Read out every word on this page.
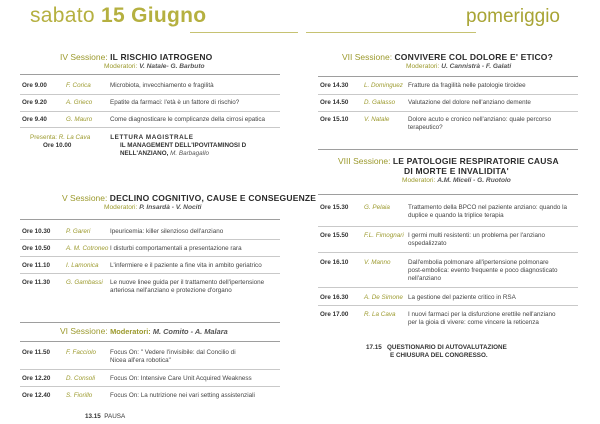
sabato 15 Giugno	pomeriggio
IV Sessione: IL RISCHIO IATROGENO
Moderatori: V. Natale- G. Barbuto
Ore 9.00	F. Corica	Microbiota, invecchiamento e fragilità
Ore 9.20	A. Grieco	Epatite da farmaci: l'età è un fattore di rischio?
Ore 9.40	G. Mauro	Come diagnosticare le complicanze della cirrosi epatica
Presenta: R. La Cava	LETTURA MAGISTRALE
Ore 10.00	IL MANAGEMENT DELL'IPOVITAMINOSI D
NELL'ANZIANO, M. Barbagallo
V Sessione: DECLINO COGNITIVO, CAUSE E CONSEGUENZE
Moderatori: P. Insardà - V. Nociti
Ore 10.30	P. Gareri	Ipeuricemia: killer silenzioso dell'anziano
Ore 10.50	A. M. Cotroneo I disturbi comportamentali a presentazione rara
Ore 11.10	I. Lamonica	L'infermiere e il paziente a fine vita in ambito geriatrico
Ore 11.30	G. Gambassi	Le nuove linee guida per il trattamento dell'ipertensione
arteriosa nell'anziano e protezione d'organo
VI Sessione: Moderatori: M. Comito - A. Malara
Ore 11.50	F. Facciolo	Focus On: " Vedere l'invisibile: dal Concilio di
Nicea all'era robotica"
Ore 12.20	D. Consoli	Focus On: Intensive Care Unit Acquired Weakness
Ore 12.40	S. Fiorillo	Focus On: La nutrizione nei vari setting assistenziali
13.15 PAUSA
VII Sessione: CONVIVERE COL DOLORE E' ETICO?
Moderatori: U. Cannistrà - F. Galati
Ore 14.30	L. Dominguez Fratture da fragilità nelle patologie tiroidee
Ore 14.50	D. Galasso	Valutazione del dolore nell'anziano demente
Ore 15.10	V. Natale	Dolore acuto e cronico nell'anziano: quale percorso
terapeutico?
VIII Sessione: LE PATOLOGIE RESPIRATORIE CAUSA
DI MORTE E INVALIDITA'
Moderatori: A.M. Miceli - G. Ruotolo
Ore 15.30	G. Pelaia	Trattamento della BPCO nel paziente anziano: quando la
duplice e quando la triplice terapia
Ore 15.50	F.L. Fimognari I germi multi resistenti: un problema per l'anziano
ospedalizzato
Ore 16.10	V. Manno	Dall'embolia polmonare all'ipertensione polmonare
post-embolica: evento frequente e poco diagnosticato
nell'anziano
Ore 16.30	A. De Simone La gestione del paziente critico in RSA
Ore 17.00	R. La Cava	I nuovi farmaci per la disfunzione erettile nell'anziano
per la gioia di vivere: come vincere la reticenza
17.15 QUESTIONARIO DI AUTOVALUTAZIONE
E CHIUSURA DEL CONGRESSO.
